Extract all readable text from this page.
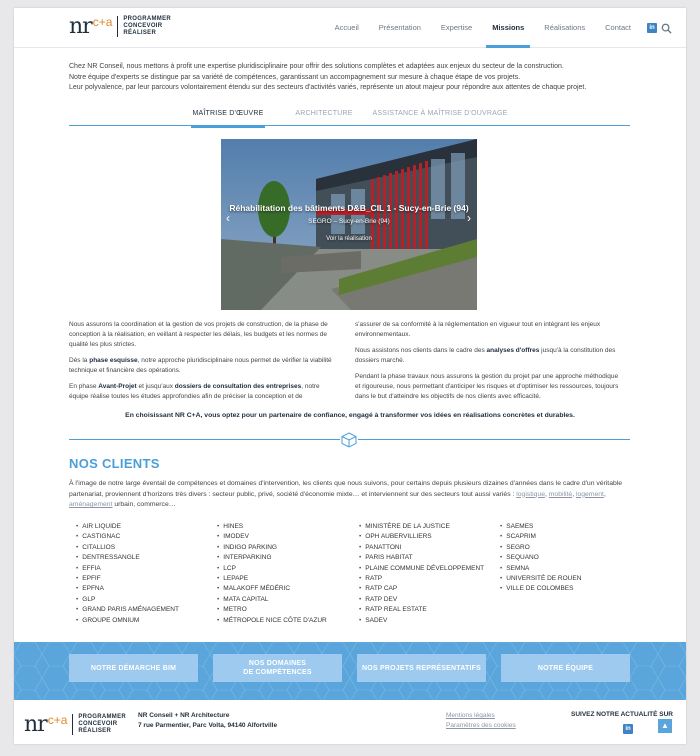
nr c+a PROGRAMMER
CONCEVOIR
RÉALISER
Accueil	Présentation	Expertise	Missions	Réalisations	Contact	in
Chez NR Conseil, nous mettons à profit une expertise pluridisciplinaire pour offrir des solutions complètes et adaptées aux enjeux du secteur de la construction.
Notre équipe d'experts se distingue par sa variété de compétences, garantissant un accompagnement sur mesure à chaque étape de vos projets.
Leur polyvalence, par leur parcours volontairement étendu sur des secteurs d'activités variés, représente un atout majeur pour répondre aux attentes de chaque projet.
MAÎTRISE D'ŒUVRE	ARCHITECTURE	ASSISTANCE À MAÎTRISE D'OUVRAGE
Réhabilitation des bâtiments D&B_CIL 1 - Sucy-en-Brie (94)
SEGRO – Sucy-en-Brie (94)
Voir la réalisation
‹	›

Nous assurons la coordination et la gestion de vos projets de construction, de la phase de conception à la réalisation, en veillant à respecter les délais, les budgets et les normes de qualité les plus strictes.

Dès la phase esquisse, notre approche pluridisciplinaire nous permet de vérifier la viabilité technique et financière des opérations.

En phase Avant-Projet et jusqu'aux dossiers de consultation des entreprises, notre équipe réalise toutes les études approfondies afin de préciser la conception et de

s'assurer de sa conformité à la réglementation en vigueur tout en intégrant les enjeux environnementaux.

Nous assistons nos clients dans le cadre des analyses d'offres jusqu'à la constitution des dossiers marché.

Pendant la phase travaux nous assurons la gestion du projet par une approche méthodique et rigoureuse, nous permettant d'anticiper les risques et d'optimiser les ressources, toujours dans le but d'atteindre les objectifs de nos clients avec efficacité.

En choisissant NR C+A, vous optez pour un partenaire de confiance, engagé à transformer vos idées en réalisations concrètes et durables.
NOS CLIENTS
À l'image de notre large éventail de compétences et domaines d'intervention, les clients que nous suivons, pour certains depuis plusieurs dizaines d'années dans le cadre d'un véritable partenariat, proviennent d'horizons très divers : secteur public, privé, société d'économie mixte… et interviennent sur des secteurs tout aussi variés : logistique, mobilité, logement, aménagement urbain, commerce…
• AIR LIQUIDE
• CASTIGNAC
• CITALLIOS
• DENTRESSANGLE
• EFFIA
• EPFIF
• EPFNA
• GLP
• GRAND PARIS AMÉNAGEMENT
• GROUPE OMNIUM
• HINES
• IMODEV
• INDIGO PARKING
• INTERPARKING
• LCP
• LEPAPE
• MALAKOFF MÉDÉRIC
• MATA CAPITAL
• METRO
• MÉTROPOLE NICE CÔTE D'AZUR
• MINISTÈRE DE LA JUSTICE
• OPH AUBERVILLIERS
• PANATTONI
• PARIS HABITAT
• PLAINE COMMUNE DÉVELOPPEMENT
• RATP
• RATP CAP
• RATP DEV
• RATP REAL ESTATE
• SADEV
• SAEMES
• SCAPRIM
• SEGRO
• SEQUANO
• SEMNA
• UNIVERSITÉ DE ROUEN
• VILLE DE COLOMBES
NOTRE DÉMARCHE BIM
NOS DOMAINES
DE COMPÉTENCES
NOS PROJETS REPRÉSENTATIFS	NOTRE ÉQUIPE
nr c+a PROGRAMMER
CONCEVOIR
RÉALISER
NR Conseil + NR Architecture
7 rue Parmentier, Parc Volta, 94140 Alfortville
Mentions légales
Paramètres des cookies
SUIVEZ NOTRE ACTUALITÉ SUR
in	▲
